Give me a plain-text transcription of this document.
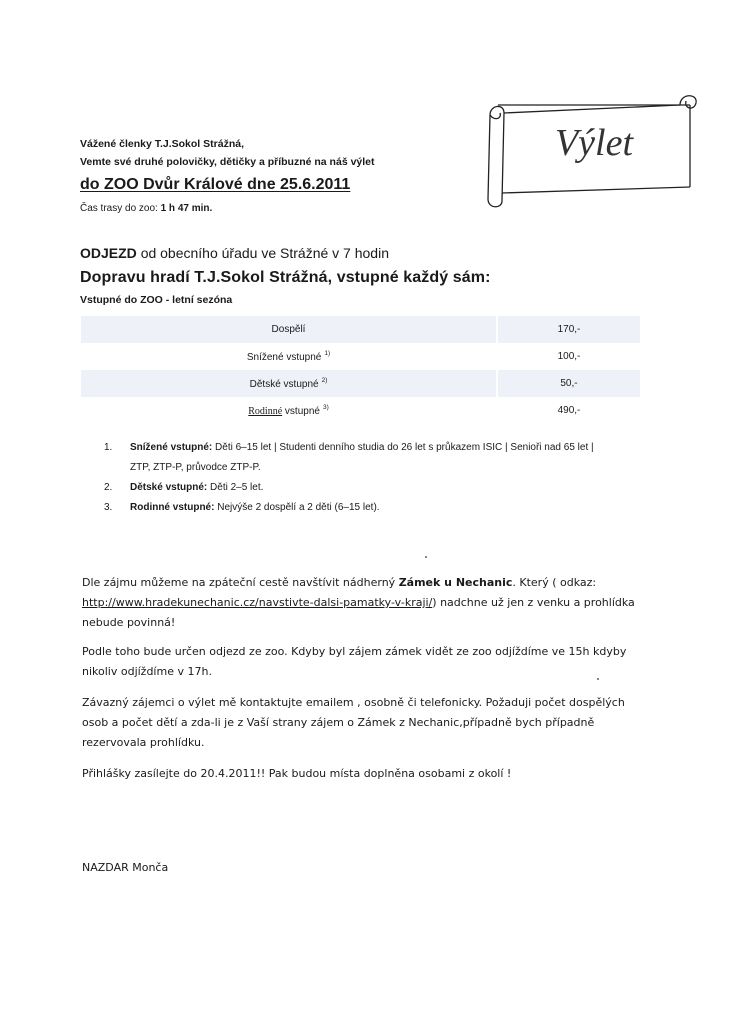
Vážené členky T.J.Sokol Strážná,
Vemte své druhé polovičky, dětičky a příbuzné na náš výlet
do ZOO Dvůr Králové dne 25.6.2011
Čas trasy do zoo: 1 h 47 min.
Výlet
ODJEZD od obecního úřadu ve Strážné v 7 hodin
Dopravu hradí T.J.Sokol Strážná, vstupné každý sám:
Vstupné do ZOO - letní sezóna
Dospělí	170,-
Snížené vstupné $^{1)}$	100,-
Dětské vstupné $^{2)}$	50,-
Rodinné vstupné $^{3)}$	490,-
1.	Snížené vstupné: Děti 6–15 let | Studenti denního studia do 26 let s průkazem ISIC | Senioři nad 65 let |
ZTP, ZTP-P, průvodce ZTP-P.
2.	Dětské vstupné: Děti 2–5 let.
3.	Rodinné vstupné: Nejvýše 2 dospělí a 2 děti (6–15 let).
Dle zájmu můžeme na zpáteční cestě navštívit nádherný Zámek u Nechanic. Který ( odkaz:
http://www.hradekunechanic.cz/navstivte-dalsi-pamatky-v-kraji/) nadchne už jen z venku a prohlídka
nebude povinná!
Podle toho bude určen odjezd ze zoo. Kdyby byl zájem zámek vidět ze zoo odjíždíme ve 15h kdyby
nikoliv odjíždíme v 17h.
Závazný zájemci o výlet mě kontaktujte emailem , osobně či telefonicky. Požaduji počet dospělých
osob a počet dětí a zda-li je z Vaší strany zájem o Zámek z Nechanic,případně bych případně
rezervovala prohlídku.
Přihlášky zasílejte do 20.4.2011!! Pak budou místa doplněna osobami z okolí !
NAZDAR Monča
